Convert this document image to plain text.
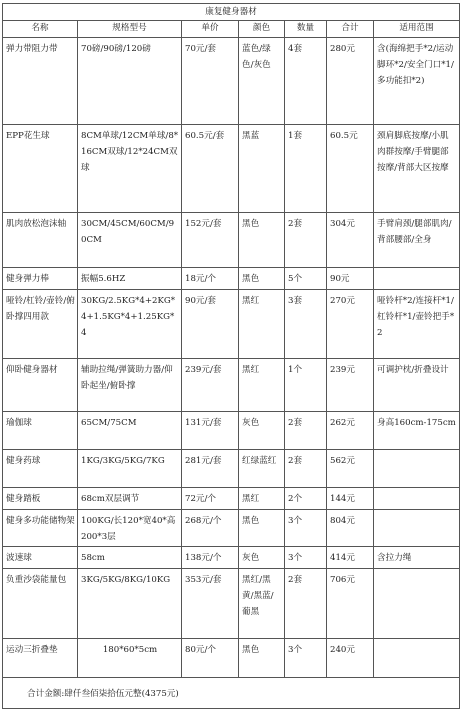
康复健身器材						
名称	规格型号	单价	颜色	数量	合计	适用范围
弹力带阻力带	70磅/90磅/120磅	70元/套	蓝色/绿色/灰色	4套	280元	含(海绵把手*2/运动脚环*2/安全门口*1/多功能扣*2)
EPP花生球	8CM单球/12CM单球/8*16CM双球/12*24CM双球	60.5元/套	黑蓝	1套	60.5元	颈肩脚底按摩/小肌肉群按摩/手臂腿部按摩/背部大区按摩
肌肉放松泡沫轴	30CM/45CM/60CM/90CM	152元/套	黑色	2套	304元	手臂肩颈/腿部肌肉/背部腰部/全身
健身弹力棒	振幅5.6HZ	18元/个	黑色	5个	90元	
哑铃/杠铃/壶铃/俯卧撑四用款	30KG/2.5KG*4+2KG*4+1.5KG*4+1.25KG*4	90元/套	黑红	3套	270元	哑铃杆*2/连接杆*1/杠铃杆*1/壶铃把手*2
仰卧健身器材	辅助拉绳/弹簧助力器/仰卧起坐/俯卧撑	239元/套	黑红	1个	239元	可调护枕/折叠设计
瑜伽球	65CM/75CM	131元/套	灰色	2套	262元	身高160cm-175cm
健身药球	1KG/3KG/5KG/7KG	281元/套	红绿蓝红	2套	562元	
健身踏板	68cm双层调节	72元/个	黑红	2个	144元	
健身多功能储物架	100KG/长120*宽40*高200*3层	268元/个	黑色	3个	804元	
波速球	58cm	138元/个	灰色	3个	414元	含拉力绳
负重沙袋能量包	3KG/5KG/8KG/10KG	353元/套	黑红/黑黄/黑蓝/葡黑	2套	706元	
运动三折叠垫	180*60*5cm	80元/个	黑色	3个	240元	
合计金额:肆仟叁佰柒拾伍元整(4375元)						
